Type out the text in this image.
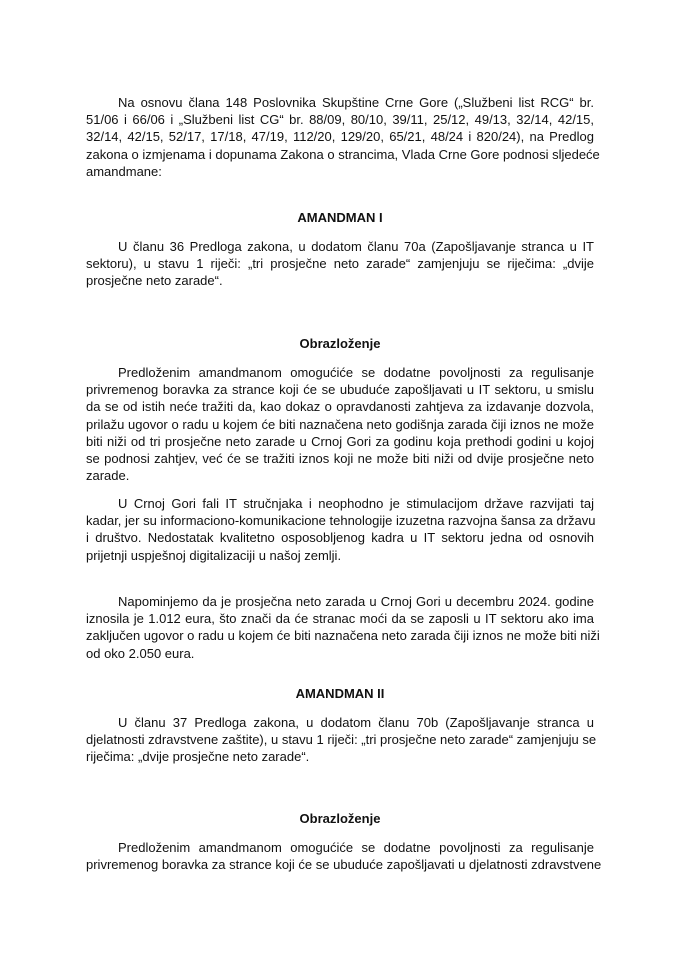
Na osnovu člana 148 Poslovnika Skupštine Crne Gore („Službeni list RCG“ br.
51/06 i 66/06 i „Službeni list CG“ br. 88/09, 80/10, 39/11, 25/12, 49/13, 32/14, 42/15,
32/14, 42/15, 52/17, 17/18, 47/19, 112/20, 129/20, 65/21, 48/24 i 820/24), na Predlog
zakona o izmjenama i dopunama Zakona o strancima, Vlada Crne Gore podnosi sljedeće
amandmane:
AMANDMAN I
U članu 36 Predloga zakona, u dodatom članu 70a (Zapošljavanje stranca u IT
sektoru), u stavu 1 riječi: „tri prosječne neto zarade“ zamjenjuju se riječima: „dvije
prosječne neto zarade“.
Obrazloženje
Predloženim amandmanom omogućiće se dodatne povoljnosti za regulisanje
privremenog boravka za strance koji će se ubuduće zapošljavati u IT sektoru, u smislu
da se od istih neće tražiti da, kao dokaz o opravdanosti zahtjeva za izdavanje dozvola,
prilažu ugovor o radu u kojem će biti naznačena neto godišnja zarada čiji iznos ne može
biti niži od tri prosječne neto zarade u Crnoj Gori za godinu koja prethodi godini u kojoj
se podnosi zahtjev, već će se tražiti iznos koji ne može biti niži od dvije prosječne neto
zarade.
U Crnoj Gori fali IT stručnjaka i neophodno je stimulacijom države razvijati taj
kadar, jer su informaciono-komunikacione tehnologije izuzetna razvojna šansa za državu
i društvo. Nedostatak kvalitetno osposobljenog kadra u IT sektoru jedna od osnovih
prijetnji uspješnoj digitalizaciji u našoj zemlji.
Napominjemo da je prosječna neto zarada u Crnoj Gori u decembru 2024. godine
iznosila je 1.012 eura, što znači da će stranac moći da se zaposli u IT sektoru ako ima
zaključen ugovor o radu u kojem će biti naznačena neto zarada čiji iznos ne može biti niži
od oko 2.050 eura.
AMANDMAN II
U članu 37 Predloga zakona, u dodatom članu 70b (Zapošljavanje stranca u
djelatnosti zdravstvene zaštite), u stavu 1 riječi: „tri prosječne neto zarade“ zamjenjuju se
riječima: „dvije prosječne neto zarade“.
Obrazloženje
Predloženim amandmanom omogućiće se dodatne povoljnosti za regulisanje
privremenog boravka za strance koji će se ubuduće zapošljavati u djelatnosti zdravstvene
